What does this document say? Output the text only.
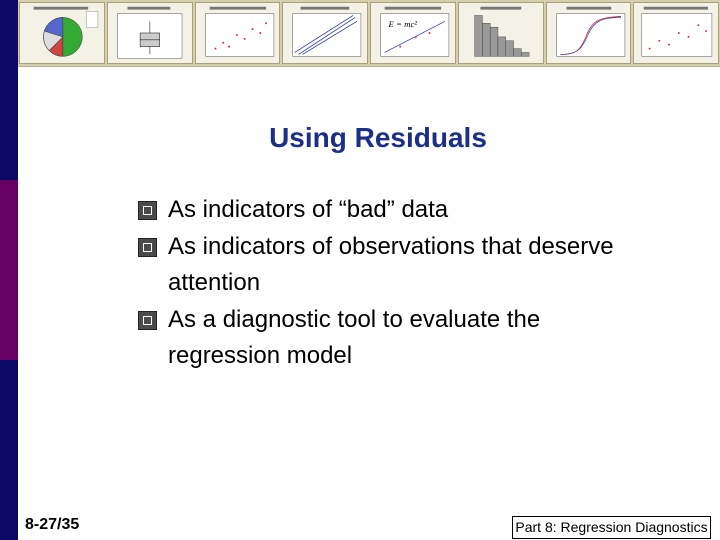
E = mc²
Using Residuals
As indicators of “bad” data
As indicators of observations that deserve attention
As a diagnostic tool to evaluate the regression model
8-27/35	Part 8: Regression Diagnostics
